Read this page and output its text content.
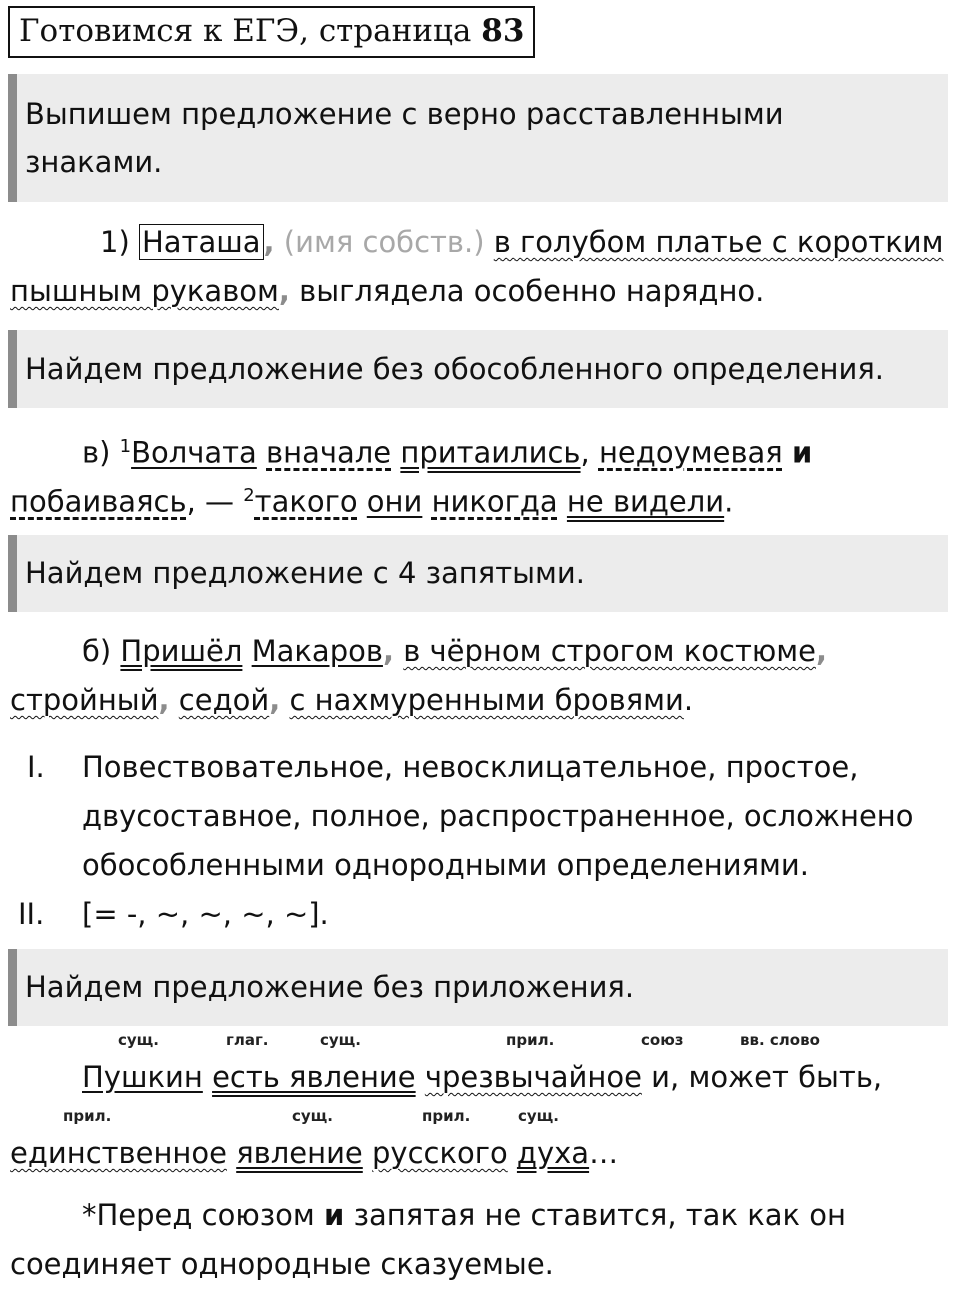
Готовимся к ЕГЭ, страница 83
Выпишем предложение с верно расставленными знаками.
1) Наташа , (имя собств.) в голубом платье с коротким
пышным рукавом, выглядела особенно нарядно.
Найдем предложение без обособленного определения.
в) $^1$Волчата вначале притаились, недоумевая и
побаиваясь, — $^2$такого они никогда не видели.
Найдем предложение с 4 запятыми.
б) Пришёл Макаров, в чёрном строгом костюме,
стройный, седой, с нахмуренными бровями.
I. Повествовательное, невосклицательное, простое,
двусоставное, полное, распространенное, осложнено
обособленными однородными определениями.
II. [= -, ~, ~, ~, ~].
Найдем предложение без приложения.
сущ.	глаг.	сущ.	прил.	союз	вв. слово
Пушкин есть явление чрезвычайное и, может быть,
прил.	сущ.	прил.	сущ.
единственное явление русского духа…
*Перед союзом и запятая не ставится, так как он
соединяет однородные сказуемые.
